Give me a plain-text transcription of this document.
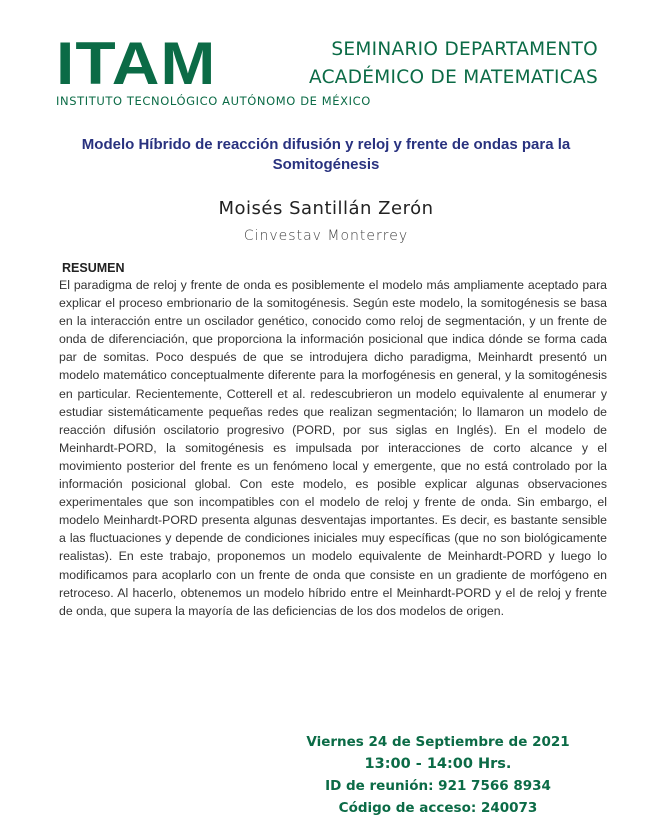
ITAM
INSTITUTO TECNOLÓGICO AUTÓNOMO DE MÉXICO
SEMINARIO DEPARTAMENTO
ACADÉMICO DE MATEMATICAS
Modelo Híbrido de reacción difusión y reloj y frente de ondas para la Somitogénesis
Moisés Santillán Zerón
Cinvestav Monterrey
RESUMEN

El paradigma de reloj y frente de onda es posiblemente el modelo más ampliamente aceptado para explicar el proceso embrionario de la somitogénesis. Según este modelo, la somitogénesis se basa en la interacción entre un oscilador genético, conocido como reloj de segmentación, y un frente de onda de diferenciación, que proporciona la información posicional que indica dónde se forma cada par de somitas. Poco después de que se introdujera dicho paradigma, Meinhardt presentó un modelo matemático conceptualmente diferente para la morfogénesis en general, y la somitogénesis en particular. Recientemente, Cotterell et al. redescubrieron un modelo equivalente al enumerar y estudiar sistemáticamente pequeñas redes que realizan segmentación; lo llamaron un modelo de reacción difusión oscilatorio progresivo (PORD, por sus siglas en Inglés). En el modelo de Meinhardt-PORD, la somitogénesis es impulsada por interacciones de corto alcance y el movimiento posterior del frente es un fenómeno local y emergente, que no está controlado por la información posicional global. Con este modelo, es posible explicar algunas observaciones experimentales que son incompatibles con el modelo de reloj y frente de onda. Sin embargo, el modelo Meinhardt-PORD presenta algunas desventajas importantes. Es decir, es bastante sensible a las fluctuaciones y depende de condiciones iniciales muy específicas (que no son biológicamente realistas). En este trabajo, proponemos un modelo equivalente de Meinhardt-PORD y luego lo modificamos para acoplarlo con un frente de onda que consiste en un gradiente de morfógeno en retroceso. Al hacerlo, obtenemos un modelo híbrido entre el Meinhardt-PORD y el de reloj y frente de onda, que supera la mayoría de las deficiencias de los dos modelos de origen.

Viernes 24 de Septiembre de 2021
13:00 - 14:00 Hrs.
ID de reunión: 921 7566 8934
Código de acceso: 240073
